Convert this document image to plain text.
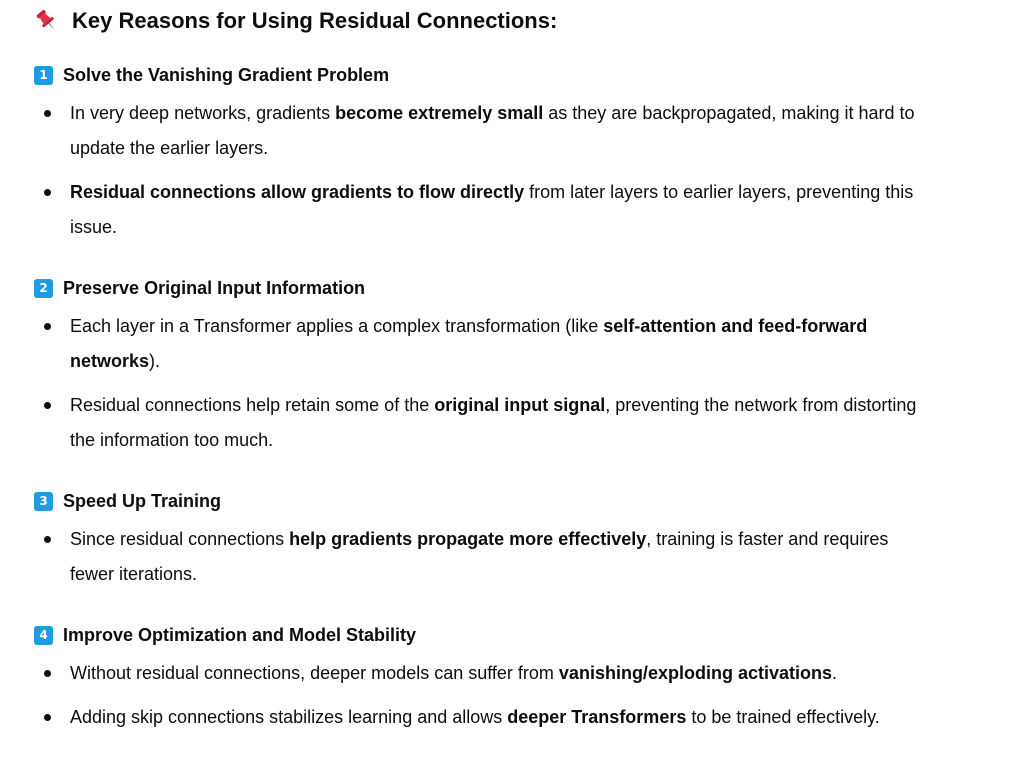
Key Reasons for Using Residual Connections:
1 Solve the Vanishing Gradient Problem
In very deep networks, gradients become extremely small as they are backpropagated, making it hard to update the earlier layers.
Residual connections allow gradients to flow directly from later layers to earlier layers, preventing this issue.
2 Preserve Original Input Information
Each layer in a Transformer applies a complex transformation (like self-attention and feed-forward networks).
Residual connections help retain some of the original input signal, preventing the network from distorting the information too much.
3 Speed Up Training
Since residual connections help gradients propagate more effectively, training is faster and requires fewer iterations.
4 Improve Optimization and Model Stability
Without residual connections, deeper models can suffer from vanishing/exploding activations.
Adding skip connections stabilizes learning and allows deeper Transformers to be trained effectively.
